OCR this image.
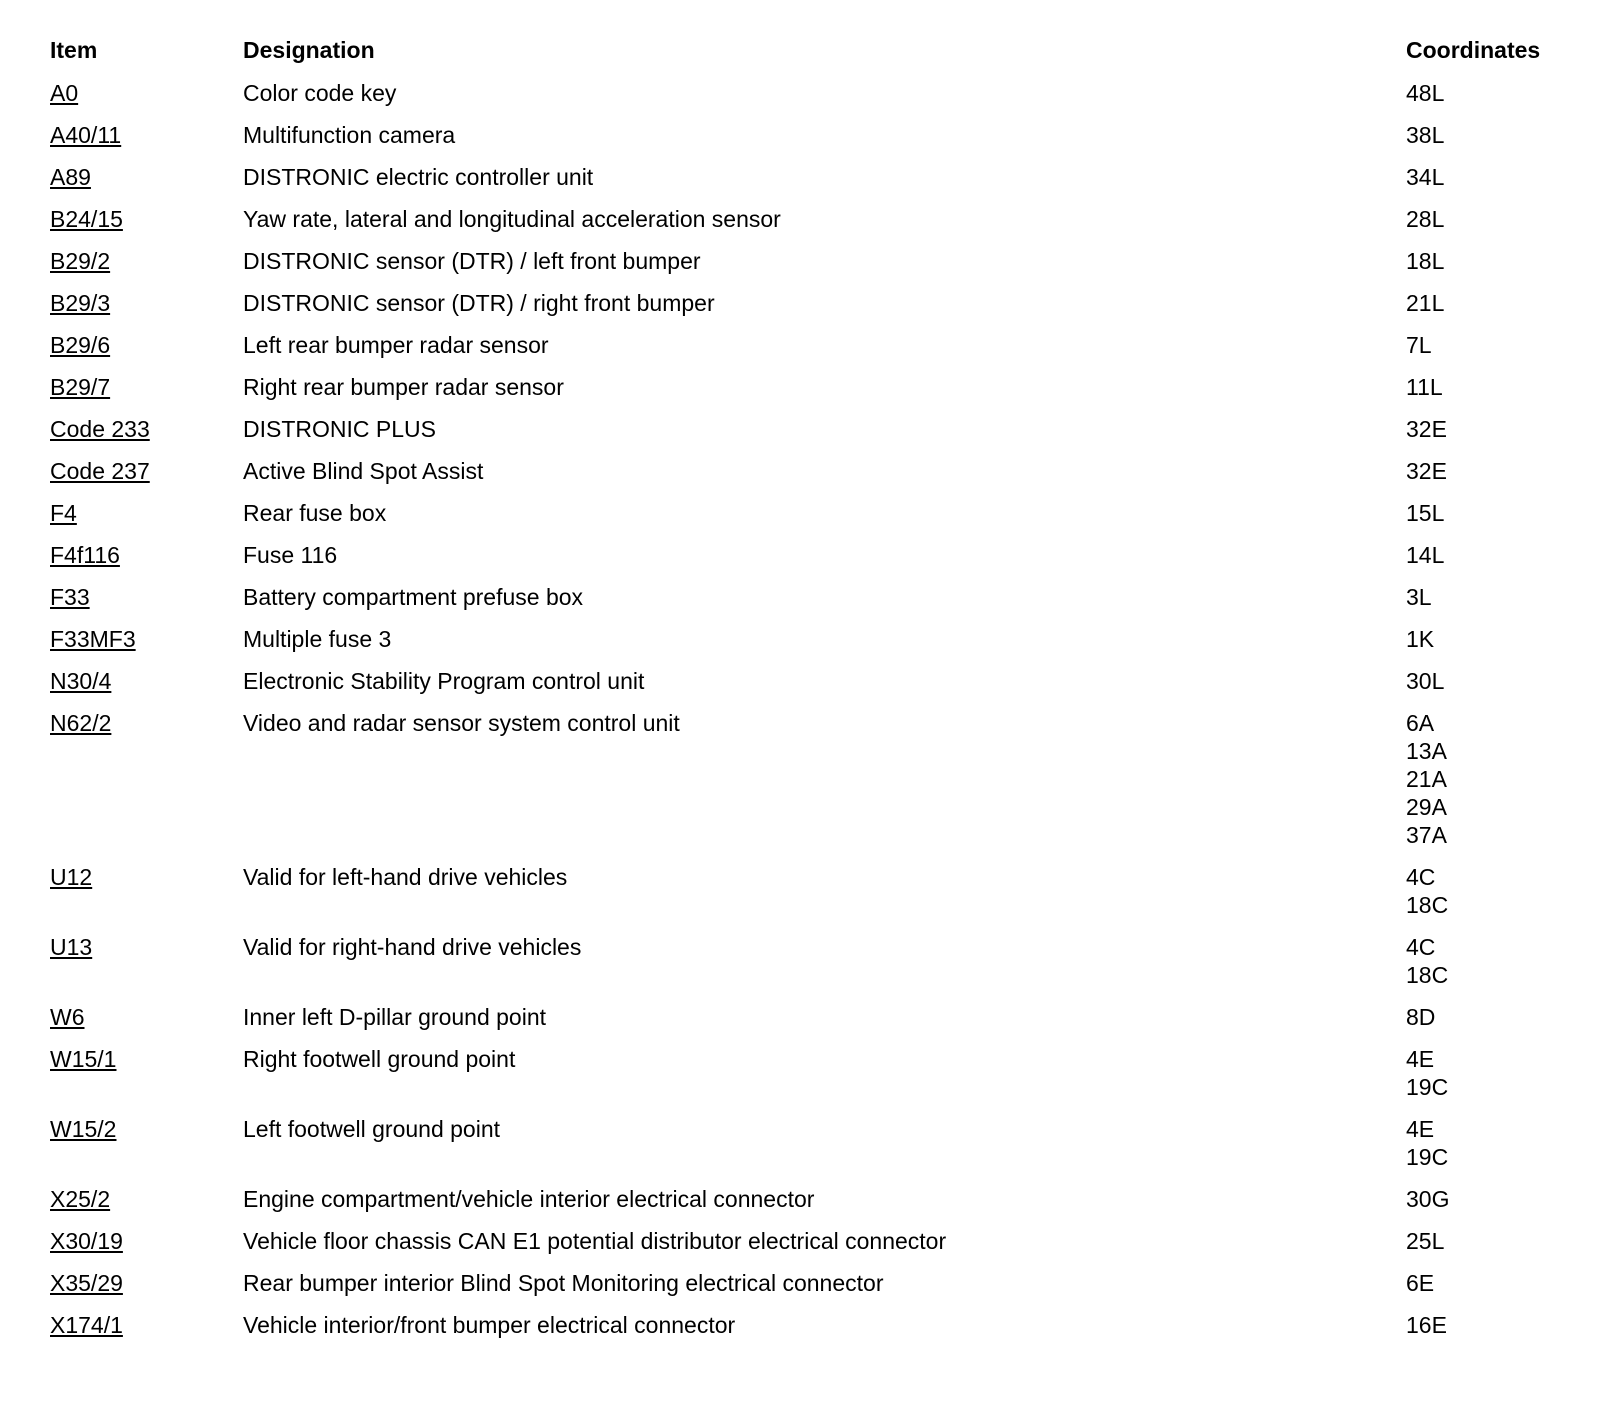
Item	Designation	Coordinates
A0	Color code key	48L
A40/11	Multifunction camera	38L
A89	DISTRONIC electric controller unit	34L
B24/15	Yaw rate, lateral and longitudinal acceleration sensor	28L
B29/2	DISTRONIC sensor (DTR) / left front bumper	18L
B29/3	DISTRONIC sensor (DTR) / right front bumper	21L
B29/6	Left rear bumper radar sensor	7L
B29/7	Right rear bumper radar sensor	11L
Code 233	DISTRONIC PLUS	32E
Code 237	Active Blind Spot Assist	32E
F4	Rear fuse box	15L
F4f116	Fuse 116	14L
F33	Battery compartment prefuse box	3L
F33MF3	Multiple fuse 3	1K
N30/4	Electronic Stability Program control unit	30L
N62/2	Video and radar sensor system control unit	6A
13A
21A
29A
37A
U12	Valid for left-hand drive vehicles	4C
18C
U13	Valid for right-hand drive vehicles	4C
18C
W6	Inner left D-pillar ground point	8D
W15/1	Right footwell ground point	4E
19C
W15/2	Left footwell ground point	4E
19C
X25/2	Engine compartment/vehicle interior electrical connector	30G
X30/19	Vehicle floor chassis CAN E1 potential distributor electrical connector	25L
X35/29	Rear bumper interior Blind Spot Monitoring electrical connector	6E
X174/1	Vehicle interior/front bumper electrical connector	16E
